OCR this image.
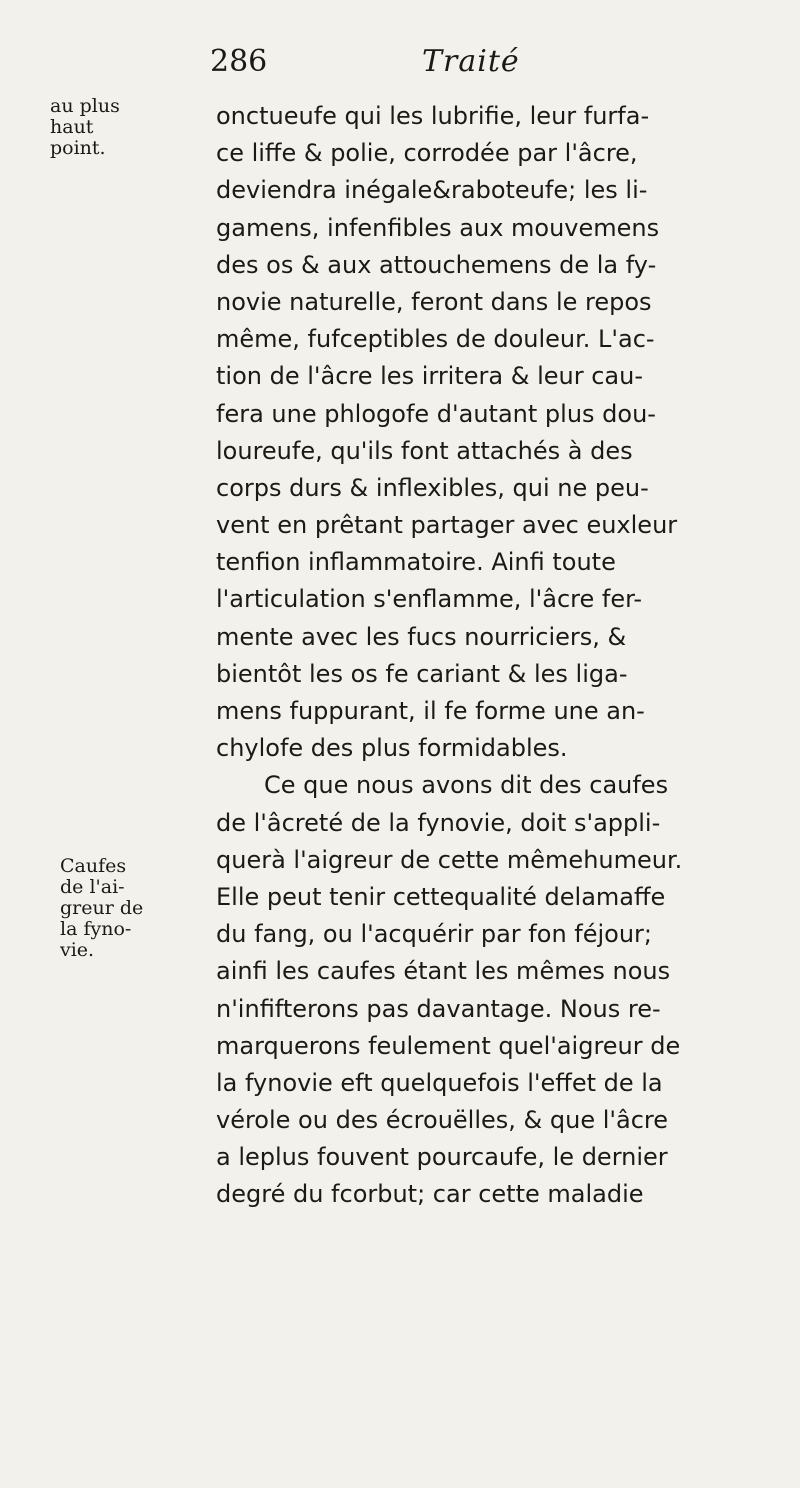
286	Traité
au plus
haut
point.
Caufes
de l'ai-
greur de
la fyno-
vie.
onctueufe qui les lubrifie, leur furfa-
ce liffe & polie, corrodée par l'âcre,
deviendra inégale&raboteufe; les li-
gamens, infenfibles aux mouvemens
des os & aux attouchemens de la fy-
novie naturelle, feront dans le repos
même, fufceptibles de douleur. L'ac-
tion de l'âcre les irritera & leur cau-
fera une phlogofe d'autant plus dou-
loureufe, qu'ils font attachés à des
corps durs & inflexibles, qui ne peu-
vent en prêtant partager avec euxleur
tenfion inflammatoire. Ainfi toute
l'articulation s'enflamme, l'âcre fer-
mente avec les fucs nourriciers, &
bientôt les os fe cariant & les liga-
mens fuppurant, il fe forme une an-
chylofe des plus formidables.
Ce que nous avons dit des caufes
de l'âcreté de la fynovie, doit s'appli-
querà l'aigreur de cette mêmehumeur.
Elle peut tenir cettequalité delamaffe
du fang, ou l'acquérir par fon féjour;
ainfi les caufes étant les mêmes nous
n'infifterons pas davantage. Nous re-
marquerons feulement quel'aigreur de
la fynovie eft quelquefois l'effet de la
vérole ou des écrouëlles, & que l'âcre
a leplus fouvent pourcaufe, le dernier
degré du fcorbut; car cette maladie
